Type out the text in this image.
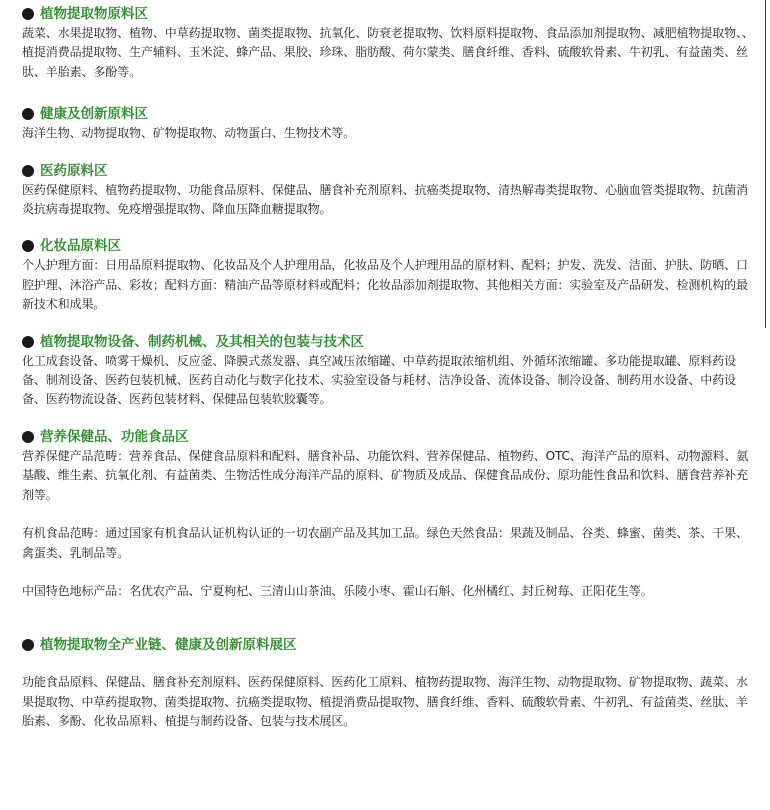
植物提取物原料区

蔬菜、水果提取物、植物、中草药提取物、菌类提取物、抗氧化、防衰老提取物、饮料原料提取物、食品添加剂提取物、减肥植物提取物、、植提消费品提取物、生产辅料、玉米淀、蜂产品、果胶、珍珠、脂肪酸、荷尔蒙类、膳食纤维、香料、硫酸软骨素、牛初乳、有益菌类、丝肽、羊胎素、多酚等。

健康及创新原料区

海洋生物、动物提取物、矿物提取物、动物蛋白、生物技术等。

医药原料区

医药保健原料、植物药提取物、功能食品原料、保健品、膳食补充剂原料、抗癌类提取物、清热解毒类提取物、心脑血管类提取物、抗菌消炎抗病毒提取物、免疫增强提取物、降血压降血糖提取物。

化妆品原料区

个人护理方面：日用品原料提取物、化妆品及个人护理用品，化妆品及个人护理用品的原材料、配料；护发、洗发、洁面、护肤、防晒、口腔护理、沐浴产品、彩妆；配料方面：精油产品等原材料或配料；化妆品添加剂提取物、其他相关方面：实验室及产品研发、检测机构的最新技术和成果。

植物提取物设备、制药机械、及其相关的包装与技术区

化工成套设备、喷雾干燥机、反应釜、降膜式蒸发器、真空减压浓缩罐、中草药提取浓缩机组、外循环浓缩罐、多功能提取罐、原料药设备、制剂设备、医药包装机械、医药自动化与数字化技术、实验室设备与耗材、洁净设备、流体设备、制冷设备、制药用水设备、中药设备、医药物流设备、医药包装材料、保健品包装软胶囊等。

营养保健品、功能食品区

营养保健产品范畴：营养食品、保健食品原料和配料、膳食补品、功能饮料、营养保健品、植物药、OTC、海洋产品的原料、动物源料、氨基酸、维生素、抗氧化剂、有益菌类、生物活性成分海洋产品的原料、矿物质及成品、保健食品成份、原功能性食品和饮料、膳食营养补充剂等。

有机食品范畴：通过国家有机食品认证机构认证的一切农副产品及其加工品。绿色天然食品：果蔬及制品、谷类、蜂蜜、菌类、茶、干果、禽蛋类、乳制品等。

中国特色地标产品：名优农产品、宁夏枸杞、三清山山茶油、乐陵小枣、霍山石斛、化州橘红、封丘树莓、正阳花生等。

植物提取物全产业链、健康及创新原料展区

功能食品原料、保健品、膳食补充剂原料、医药保健原料、医药化工原料、植物药提取物、海洋生物、动物提取物、矿物提取物、蔬菜、水果提取物、中草药提取物、菌类提取物、抗癌类提取物、植提消费品提取物、膳食纤维、香料、硫酸软骨素、牛初乳、有益菌类、丝肽、羊胎素、多酚、化妆品原料、植提与制药设备、包装与技术展区。
